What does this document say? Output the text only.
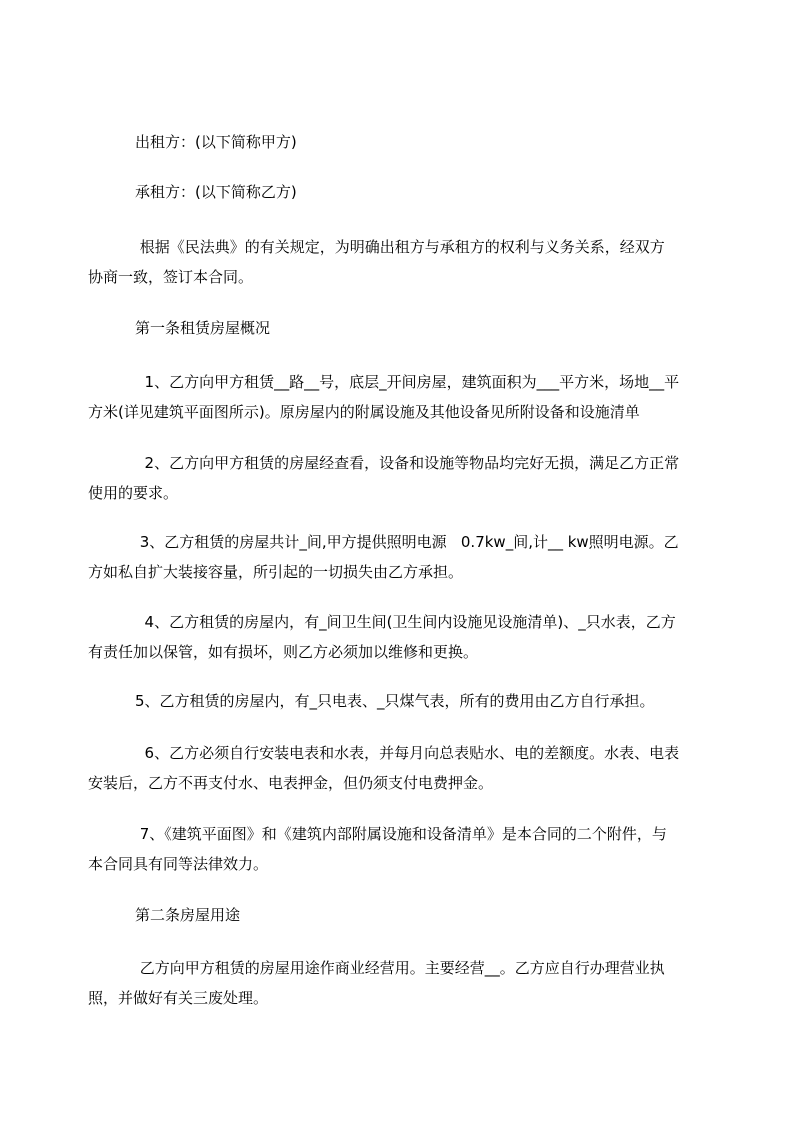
出租方：(以下简称甲方)
承租方：(以下简称乙方)

根据《民法典》的有关规定，为明确出租方与承租方的权利与义务关系，经双方

协商一致，签订本合同。

第一条租赁房屋概况

1、乙方向甲方租赁__路__号，底层_开间房屋，建筑面积为___平方米，场地__平

方米(详见建筑平面图所示)。原房屋内的附属设施及其他设备见所附设备和设施清单

2、乙方向甲方租赁的房屋经查看，设备和设施等物品均完好无损，满足乙方正常

使用的要求。

3、乙方租赁的房屋共计_间,甲方提供照明电源   0.7kw_间,计__ kw照明电源。乙

方如私自扩大装接容量，所引起的一切损失由乙方承担。

4、乙方租赁的房屋内，有_间卫生间(卫生间内设施见设施清单)、_只水表，乙方

有责任加以保管，如有损坏，则乙方必须加以维修和更换。

5、乙方租赁的房屋内，有_只电表、_只煤气表，所有的费用由乙方自行承担。

6、乙方必须自行安装电表和水表，并每月向总表贴水、电的差额度。水表、电表

安装后，乙方不再支付水、电表押金，但仍须支付电费押金。

7、《建筑平面图》和《建筑内部附属设施和设备清单》是本合同的二个附件，与

本合同具有同等法律效力。

第二条房屋用途

乙方向甲方租赁的房屋用途作商业经营用。主要经营__。乙方应自行办理营业执

照，并做好有关三废处理。
